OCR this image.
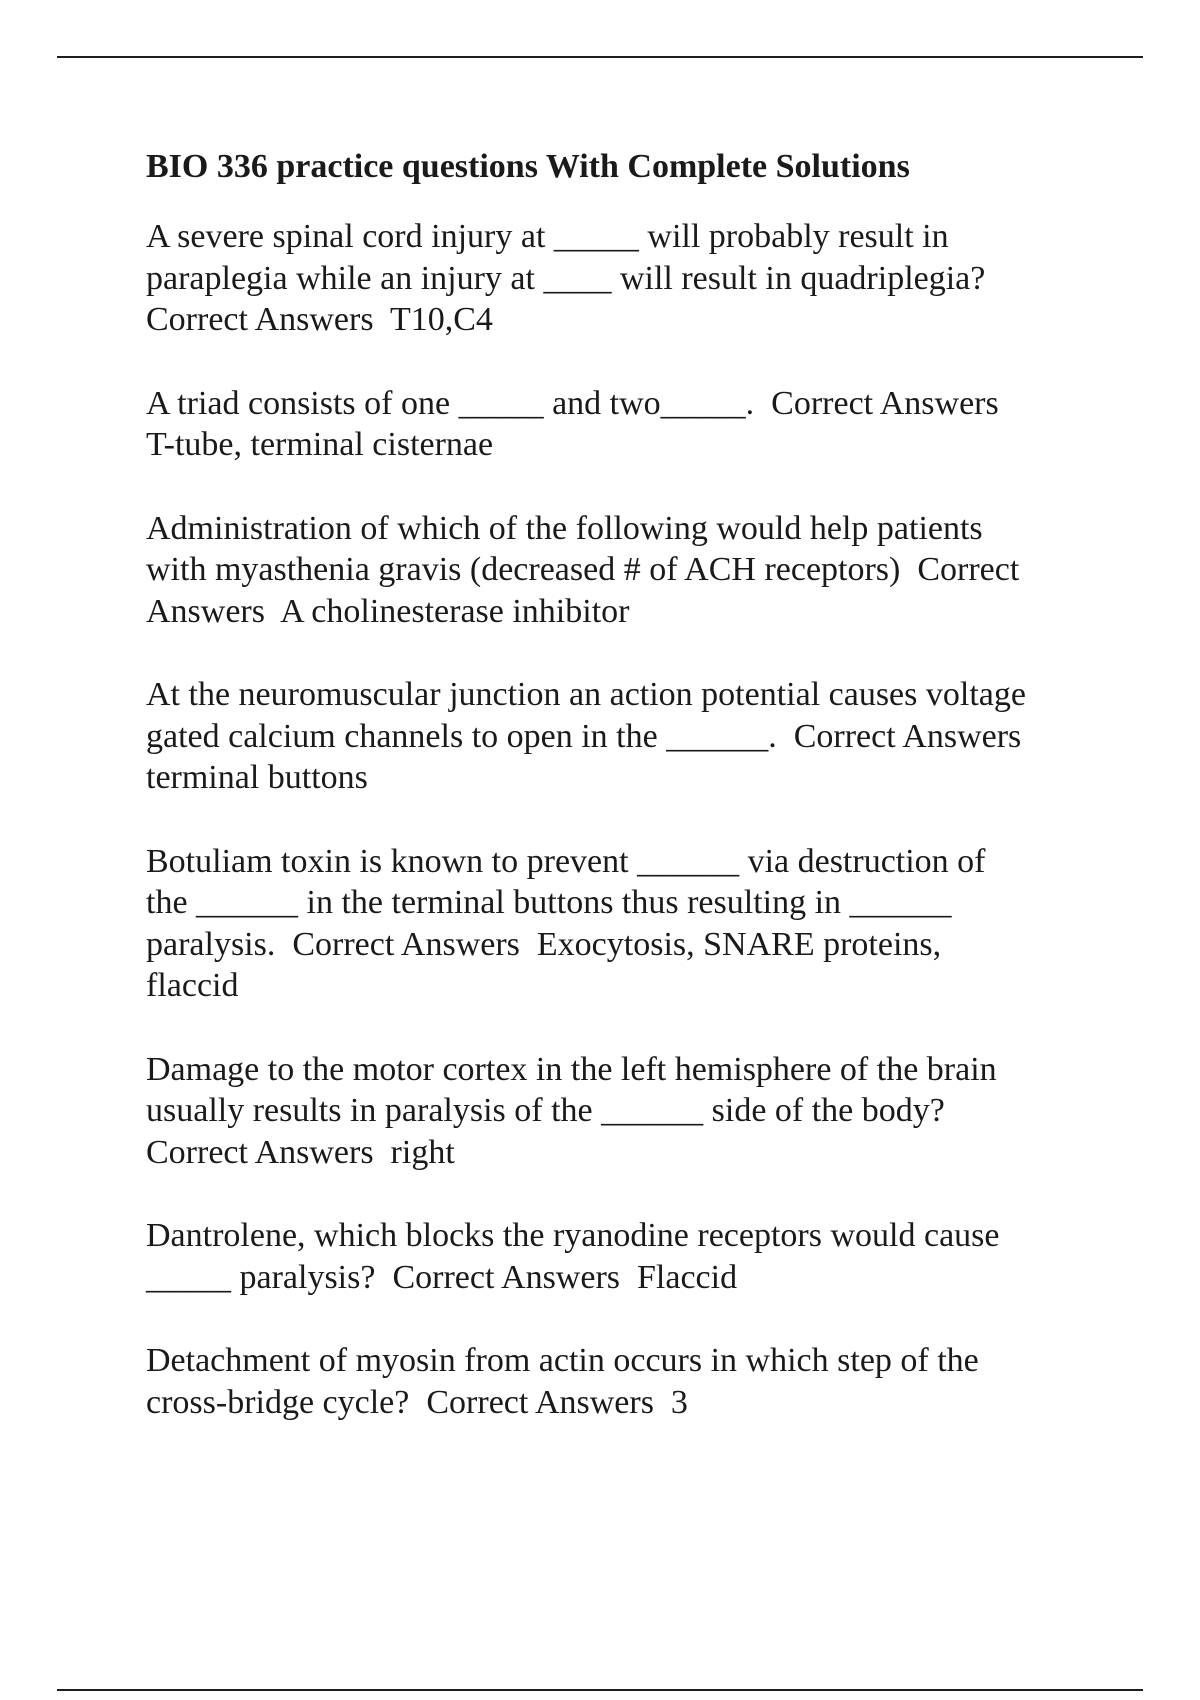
BIO 336 practice questions With Complete Solutions
A severe spinal cord injury at _____ will probably result in
paraplegia while an injury at ____ will result in quadriplegia?
Correct Answers  T10,C4
A triad consists of one _____ and two_____.  Correct Answers
T-tube, terminal cisternae
Administration of which of the following would help patients
with myasthenia gravis (decreased # of ACH receptors)  Correct
Answers  A cholinesterase inhibitor
At the neuromuscular junction an action potential causes voltage
gated calcium channels to open in the ______.  Correct Answers
terminal buttons
Botuliam toxin is known to prevent ______ via destruction of
the ______ in the terminal buttons thus resulting in ______
paralysis.  Correct Answers  Exocytosis, SNARE proteins,
flaccid
Damage to the motor cortex in the left hemisphere of the brain
usually results in paralysis of the ______ side of the body?
Correct Answers  right
Dantrolene, which blocks the ryanodine receptors would cause
_____ paralysis?  Correct Answers  Flaccid
Detachment of myosin from actin occurs in which step of the
cross-bridge cycle?  Correct Answers  3
